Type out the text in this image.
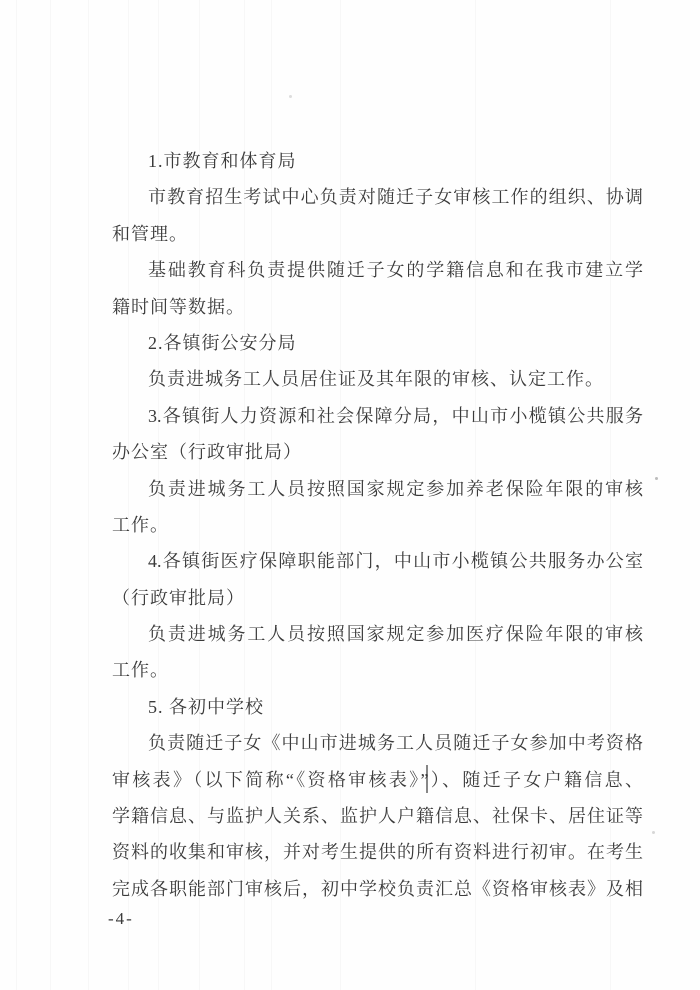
1.市教育和体育局
市教育招生考试中心负责对随迁子女审核工作的组织、协调
和管理。
基础教育科负责提供随迁子女的学籍信息和在我市建立学
籍时间等数据。
2.各镇街公安分局
负责进城务工人员居住证及其年限的审核、认定工作。
3.各镇街人力资源和社会保障分局，中山市小榄镇公共服务
办公室（行政审批局）
负责进城务工人员按照国家规定参加养老保险年限的审核
工作。
4.各镇街医疗保障职能部门，中山市小榄镇公共服务办公室
（行政审批局）
负责进城务工人员按照国家规定参加医疗保险年限的审核
工作。
5. 各初中学校
负责随迁子女《中山市进城务工人员随迁子女参加中考资格
审核表》（以下简称“《资格审核表》”）、随迁子女户籍信息、
学籍信息、与监护人关系、监护人户籍信息、社保卡、居住证等
资料的收集和审核，并对考生提供的所有资料进行初审。在考生
完成各职能部门审核后，初中学校负责汇总《资格审核表》及相
-4-
